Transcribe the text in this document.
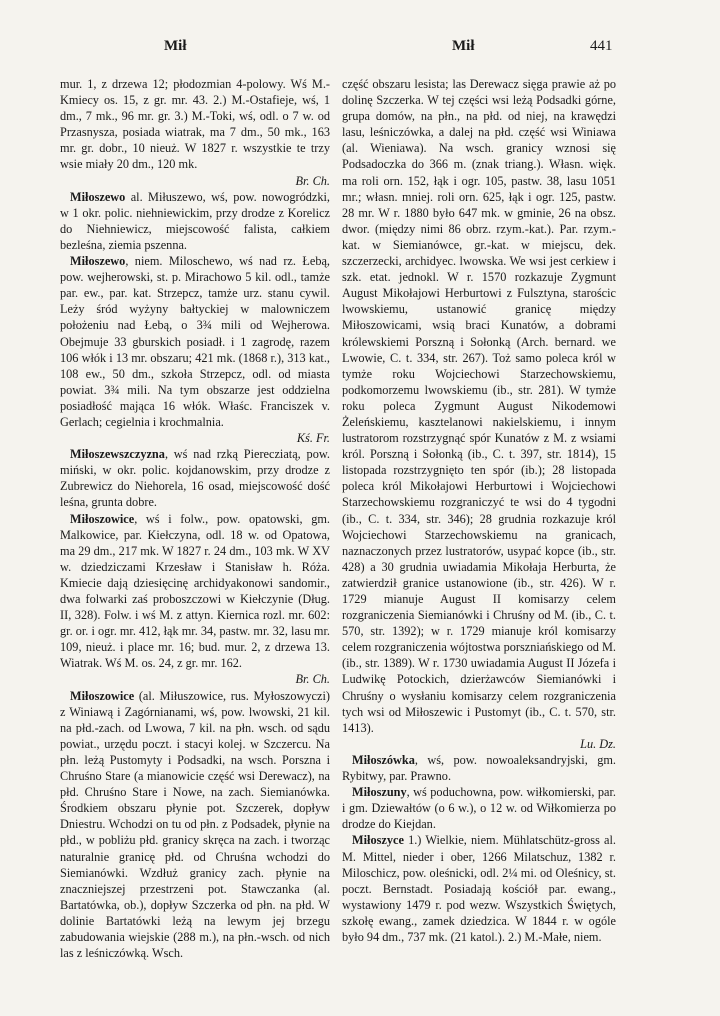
Mił	Mił	441

mur. 1, z drzewa 12; płodozmian 4-polowy. Wś M.-Kmiecy os. 15, z gr. mr. 43. 2.) M.-Ostafieje, wś, 1 dm., 7 mk., 96 mr. gr. 3.) M.-Toki, wś, odl. o 7 w. od Przasnysza, posiada wiatrak, ma 7 dm., 50 mk., 163 mr. gr. dobr., 10 nieuż. W 1827 r. wszystkie te trzy wsie miały 20 dm., 120 mk.
Br. Ch.

Miłoszewo al. Miłuszewo, wś, pow. nowogródzki, w 1 okr. polic. niehniewickim, przy drodze z Korelicz do Niehniewicz, miejscowość falista, całkiem bezleśna, ziemia pszenna.

Miłoszewo, niem. Miloschewo, wś nad rz. Łebą, pow. wejherowski, st. p. Mirachowo 5 kil. odl., tamże par. ew., par. kat. Strzepcz, tamże urz. stanu cywil. Leży śród wyżyny bałtyckiej w malowniczem położeniu nad Łebą, o 3¾ mili od Wejherowa. Obejmuje 33 gburskich posiadł. i 1 zagrodę, razem 106 włók i 13 mr. obszaru; 421 mk. (1868 r.), 313 kat., 108 ew., 50 dm., szkoła Strzepcz, odl. od miasta powiat. 3¾ mili. Na tym obszarze jest oddzielna posiadłość mająca 16 włók. Właśc. Franciszek v. Gerlach; cegielnia i krochmalnia.
Kś. Fr.

Miłoszewszczyzna, wś nad rzką Pierecziatą, pow. miński, w okr. polic. kojdanowskim, przy drodze z Zubrewicz do Niehorela, 16 osad, miejscowość dość leśna, grunta dobre.

Miłoszowice, wś i folw., pow. opatowski, gm. Malkowice, par. Kiełczyna, odl. 18 w. od Opatowa, ma 29 dm., 217 mk. W 1827 r. 24 dm., 103 mk. W XV w. dziedziczami Krzesław i Stanisław h. Róża. Kmiecie dają dziesięcinę archidyakonowi sandomir., dwa folwarki zaś proboszczowi w Kiełczynie (Dług. II, 328). Folw. i wś M. z attyn. Kiernica rozl. mr. 602: gr. or. i ogr. mr. 412, łąk mr. 34, pastw. mr. 32, lasu mr. 109, nieuż. i place mr. 16; bud. mur. 2, z drzewa 13. Wiatrak. Wś M. os. 24, z gr. mr. 162.
Br. Ch.

Miłoszowice (al. Miłuszowice, rus. Myłoszowyczi) z Winiawą i Zagórnianami, wś, pow. lwowski, 21 kil. na płd.-zach. od Lwowa, 7 kil. na płn. wsch. od sądu powiat., urzędu poczt. i stacyi kolej. w Szczercu. Na płn. leżą Pustomyty i Podsadki, na wsch. Porszna i Chruśno Stare (a mianowicie część wsi Derewacz), na płd. Chruśno Stare i Nowe, na zach. Siemianówka. Środkiem obszaru płynie pot. Szczerek, dopływ Dniestru. Wchodzi on tu od płn. z Podsadek, płynie na płd., w pobliżu płd. granicy skręca na zach. i tworząc naturalnie granicę płd. od Chruśna wchodzi do Siemianówki. Wzdłuż granicy zach. płynie na znaczniejszej przestrzeni pot. Stawczanka (al. Bartatówka, ob.), dopływ Szczerka od płn. na płd. W dolinie Bartatówki leżą na lewym jej brzegu zabudowania wiejskie (288 m.), na płn.-wsch. od nich las z leśniczówką. Wsch.

część obszaru lesista; las Derewacz sięga prawie aż po dolinę Szczerka. W tej części wsi leżą Podsadki górne, grupa domów, na płn., na płd. od niej, na krawędzi lasu, leśniczówka, a dalej na płd. część wsi Winiawa (al. Wieniawa). Na wsch. granicy wznosi się Podsadoczka do 366 m. (znak triang.). Własn. więk. ma roli orn. 152, łąk i ogr. 105, pastw. 38, lasu 1051 mr.; własn. mniej. roli orn. 625, łąk i ogr. 125, pastw. 28 mr. W r. 1880 było 647 mk. w gminie, 26 na obsz. dwor. (między nimi 86 obrz. rzym.-kat.). Par. rzym.-kat. w Siemianówce, gr.-kat. w miejscu, dek. szczerzecki, archidyec. lwowska. We wsi jest cerkiew i szk. etat. jednokl. W r. 1570 rozkazuje Zygmunt August Mikołajowi Herburtowi z Fulsztyna, starościc lwowskiemu, ustanowić granicę między Miłoszowicami, wsią braci Kunatów, a dobrami królewskiemi Porszną i Sołonką (Arch. bernard. we Lwowie, C. t. 334, str. 267). Toż samo poleca król w tymże roku Wojciechowi Starzechowskiemu, podkomorzemu lwowskiemu (ib., str. 281). W tymże roku poleca Zygmunt August Nikodemowi Żeleńskiemu, kasztelanowi nakielskiemu, i innym lustratorom rozstrzygnąć spór Kunatów z M. z wsiami król. Porszną i Sołonką (ib., C. t. 397, str. 1814), 15 listopada rozstrzygnięto ten spór (ib.); 28 listopada poleca król Mikołajowi Herburtowi i Wojciechowi Starzechowskiemu rozgraniczyć te wsi do 4 tygodni (ib., C. t. 334, str. 346); 28 grudnia rozkazuje król Wojciechowi Starzechowskiemu na granicach, naznaczonych przez lustratorów, usypać kopce (ib., str. 428) a 30 grudnia uwiadamia Mikołaja Herburta, że zatwierdził granice ustanowione (ib., str. 426). W r. 1729 mianuje August II komisarzy celem rozgraniczenia Siemianówki i Chruśny od M. (ib., C. t. 570, str. 1392); w r. 1729 mianuje król komisarzy celem rozgraniczenia wójtostwa porszniańskiego od M. (ib., str. 1389). W r. 1730 uwiadamia August II Józefa i Ludwikę Potockich, dzierżawców Siemianówki i Chruśny o wysłaniu komisarzy celem rozgraniczenia tych wsi od Miłoszewic i Pustomyt (ib., C. t. 570, str. 1413).
Lu. Dz.

Miłoszówka, wś, pow. nowoaleksandryjski, gm. Rybitwy, par. Prawno.

Miłoszuny, wś poduchowna, pow. wiłkomierski, par. i gm. Dziewałtów (o 6 w.), o 12 w. od Wiłkomierza po drodze do Kiejdan.

Miłoszyce 1.) Wielkie, niem. Mühlatschütz-gross al. M. Mittel, nieder i ober, 1266 Milatschuz, 1382 r. Miloschicz, pow. oleśnicki, odl. 2¼ mi. od Oleśnicy, st. poczt. Bernstadt. Posiadają kościół par. ewang., wystawiony 1479 r. pod wezw. Wszystkich Świętych, szkołę ewang., zamek dziedzica. W 1844 r. w ogóle było 94 dm., 737 mk. (21 katol.). 2.) M.-Małe, niem.
